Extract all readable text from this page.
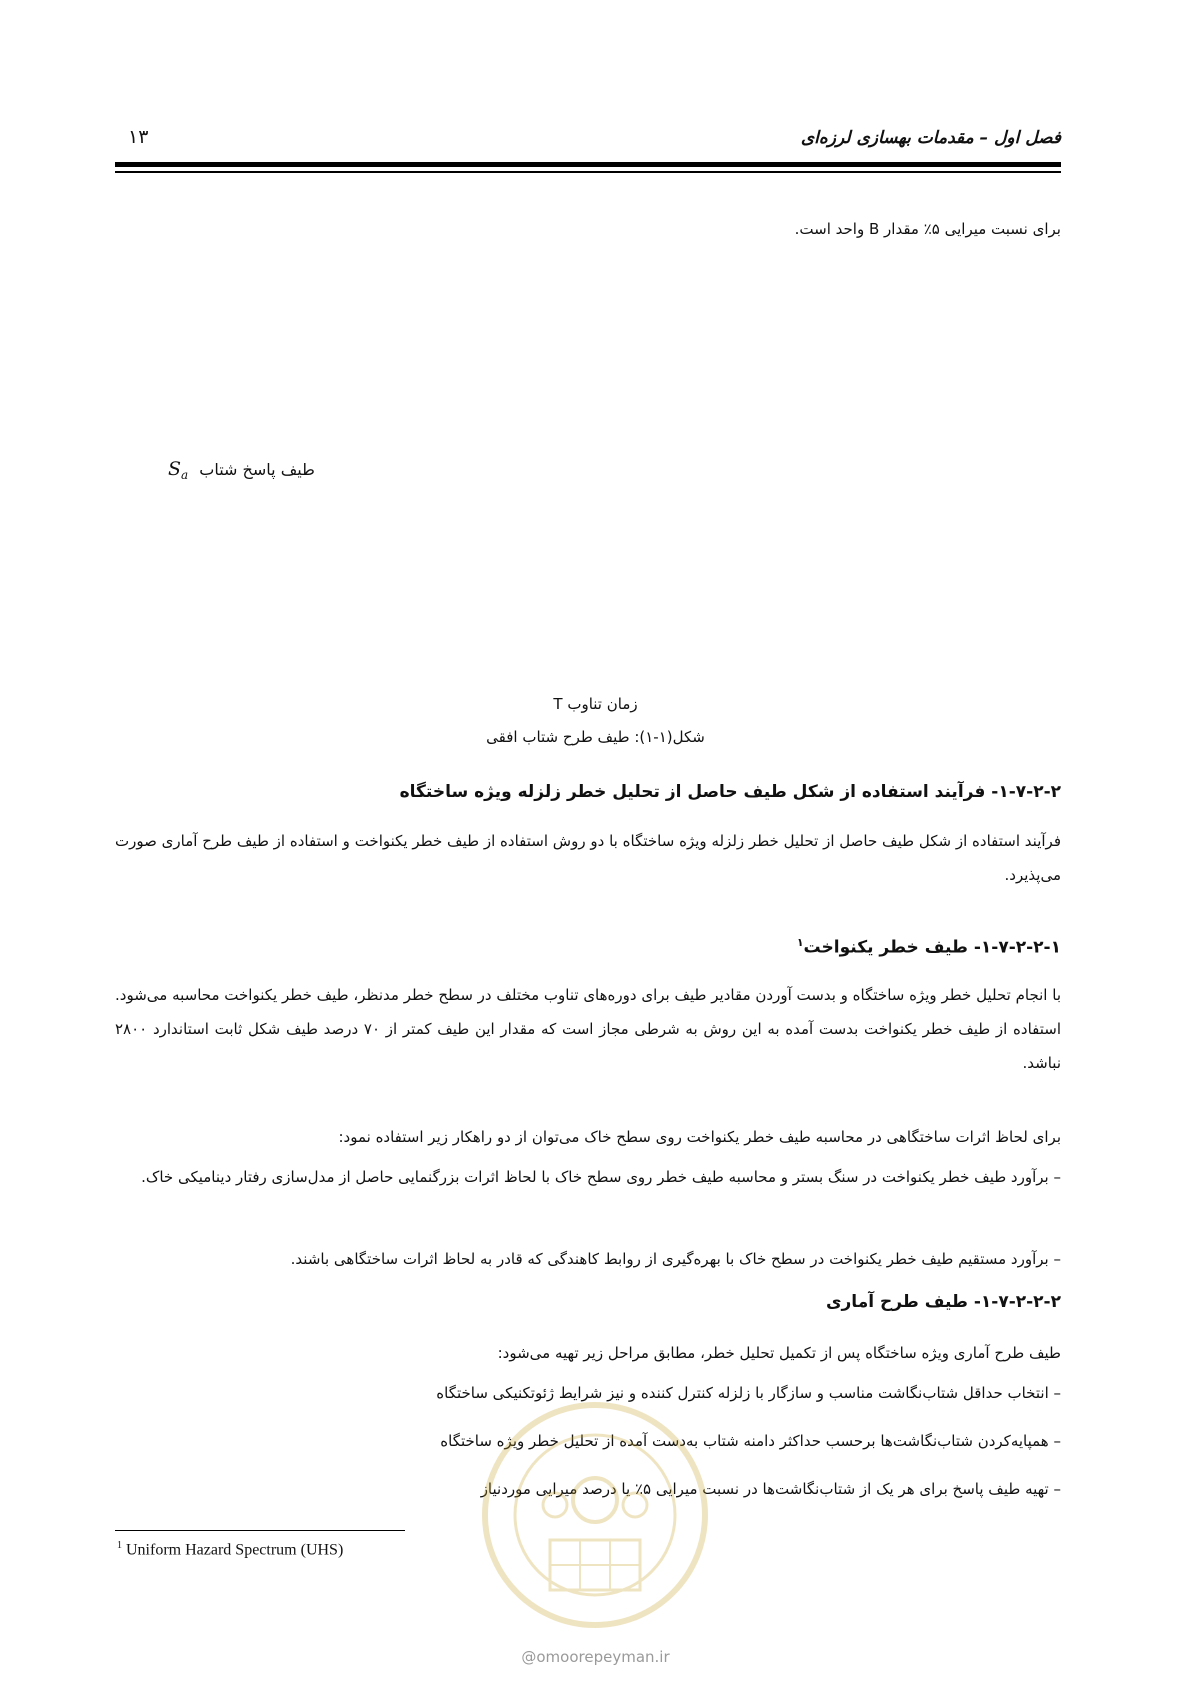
فصل اول – مقدمات بهسازی لرزه‌ای
۱۳
برای نسبت میرایی ۵٪ مقدار B واحد است.
$S_a$ طیف پاسخ شتاب
T زمان تناوب
شکل(۱-۱): طیف طرح شتاب افقی
۱-۷-۲-۲- فرآیند استفاده از شکل طیف حاصل از تحلیل خطر زلزله ویژه ساختگاه
فرآیند استفاده از شکل طیف حاصل از تحلیل خطر زلزله ویژه ساختگاه با دو روش استفاده از طیف خطر یکنواخت و استفاده از طیف طرح آماری صورت می‌پذیرد.
۱-۷-۲-۲-۱- طیف خطر یکنواخت$^۱$
با انجام تحلیل خطر ویژه ساختگاه و بدست آوردن مقادیر طیف برای دوره‌های تناوب مختلف در سطح خطر مدنظر، طیف خطر یکنواخت محاسبه می‌شود. استفاده از طیف خطر یکنواخت بدست آمده به این روش به شرطی مجاز است که مقدار این طیف کمتر از ۷۰ درصد طیف شکل ثابت استاندارد ۲۸۰۰ نباشد.
برای لحاظ اثرات ساختگاهی در محاسبه طیف خطر یکنواخت روی سطح خاک می‌توان از دو راهکار زیر استفاده نمود:
– برآورد طیف خطر یکنواخت در سنگ بستر و محاسبه طیف خطر روی سطح خاک با لحاظ اثرات بزرگنمایی حاصل از مدل‌سازی رفتار دینامیکی خاک.
– برآورد مستقیم طیف خطر یکنواخت در سطح خاک با بهره‌گیری از روابط کاهندگی که قادر به لحاظ اثرات ساختگاهی باشند.
۱-۷-۲-۲-۲- طیف طرح آماری
طیف طرح آماری ویژه ساختگاه پس از تکمیل تحلیل خطر، مطابق مراحل زیر تهیه می‌شود:
– انتخاب حداقل شتاب‌نگاشت مناسب و سازگار با زلزله کنترل کننده و نیز شرایط ژئوتکنیکی ساختگاه
– همپایه‌کردن شتاب‌نگاشت‌ها برحسب حداکثر دامنه شتاب به‌دست آمده از تحلیل خطر ویژه ساختگاه
– تهیه طیف پاسخ برای هر یک از شتاب‌نگاشت‌ها در نسبت میرایی ۵٪ یا درصد میرایی موردنیاز
$^1$ Uniform Hazard Spectrum (UHS)
@omoorepeyman.ir
